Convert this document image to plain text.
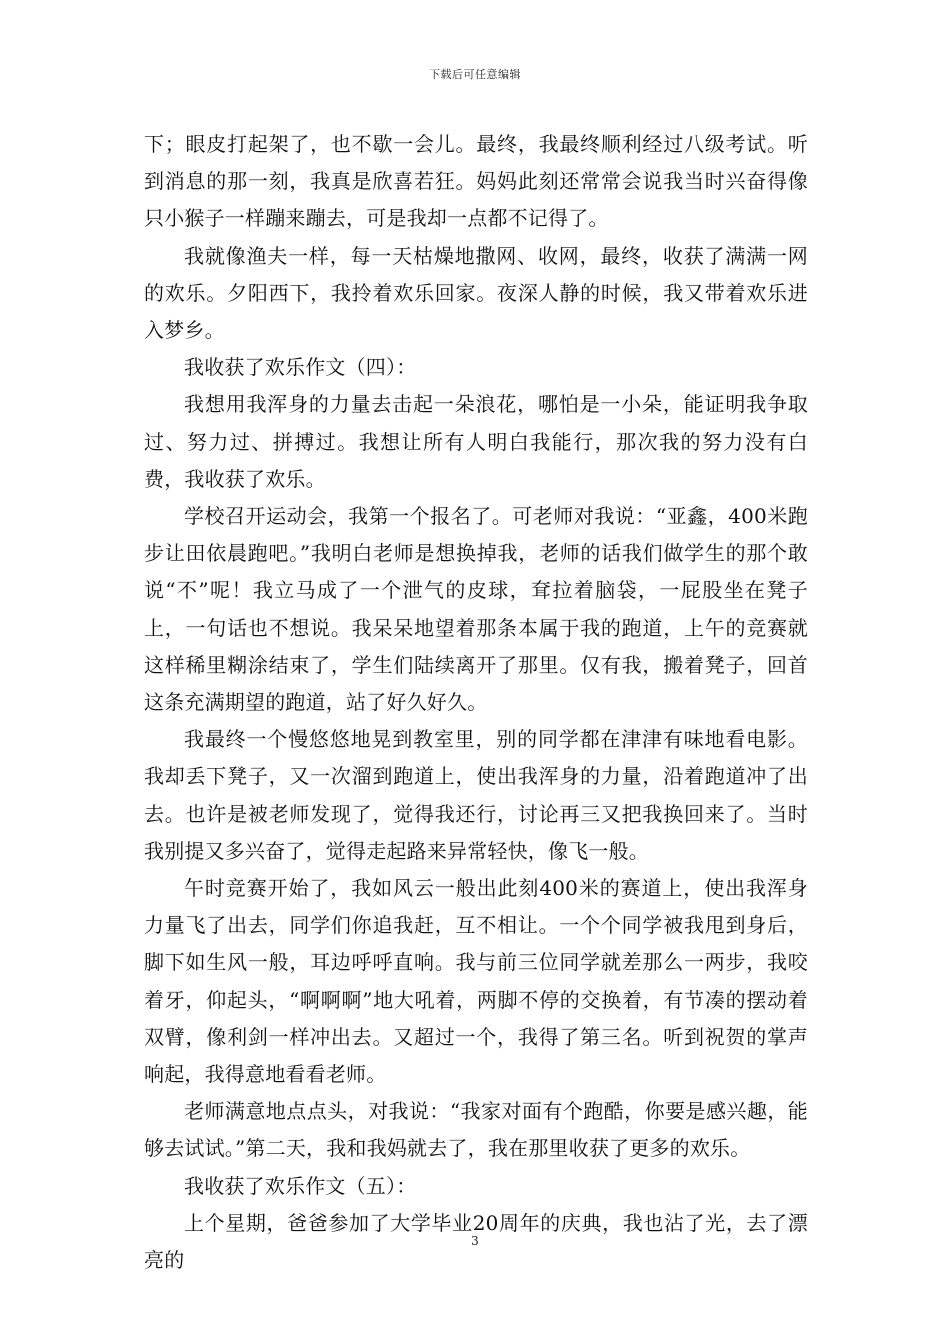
下载后可任意编辑

下；眼皮打起架了，也不歇一会儿。最终，我最终顺利经过八级考试。听到消息的那一刻，我真是欣喜若狂。妈妈此刻还常常会说我当时兴奋得像只小猴子一样蹦来蹦去，可是我却一点都不记得了。

我就像渔夫一样，每一天枯燥地撒网、收网，最终，收获了满满一网的欢乐。夕阳西下，我拎着欢乐回家。夜深人静的时候，我又带着欢乐进入梦乡。

我收获了欢乐作文（四）：

我想用我浑身的力量去击起一朵浪花，哪怕是一小朵，能证明我争取过、努力过、拼搏过。我想让所有人明白我能行，那次我的努力没有白费，我收获了欢乐。

学校召开运动会，我第一个报名了。可老师对我说：“亚鑫，400米跑步让田依晨跑吧。”我明白老师是想换掉我，老师的话我们做学生的那个敢说“不”呢！我立马成了一个泄气的皮球，耷拉着脑袋，一屁股坐在凳子上，一句话也不想说。我呆呆地望着那条本属于我的跑道，上午的竞赛就这样稀里糊涂结束了，学生们陆续离开了那里。仅有我，搬着凳子，回首这条充满期望的跑道，站了好久好久。

我最终一个慢悠悠地晃到教室里，别的同学都在津津有味地看电影。我却丢下凳子，又一次溜到跑道上，使出我浑身的力量，沿着跑道冲了出去。也许是被老师发现了，觉得我还行，讨论再三又把我换回来了。当时我别提又多兴奋了，觉得走起路来异常轻快，像飞一般。

午时竞赛开始了，我如风云一般出此刻400米的赛道上，使出我浑身力量飞了出去，同学们你追我赶，互不相让。一个个同学被我甩到身后，脚下如生风一般，耳边呼呼直响。我与前三位同学就差那么一两步，我咬着牙，仰起头，“啊啊啊”地大吼着，两脚不停的交换着，有节凑的摆动着双臂，像利剑一样冲出去。又超过一个，我得了第三名。听到祝贺的掌声响起，我得意地看看老师。

老师满意地点点头，对我说：“我家对面有个跑酷，你要是感兴趣，能够去试试。”第二天，我和我妈就去了，我在那里收获了更多的欢乐。

我收获了欢乐作文（五）：

上个星期，爸爸参加了大学毕业20周年的庆典，我也沾了光，去了漂亮的

3
